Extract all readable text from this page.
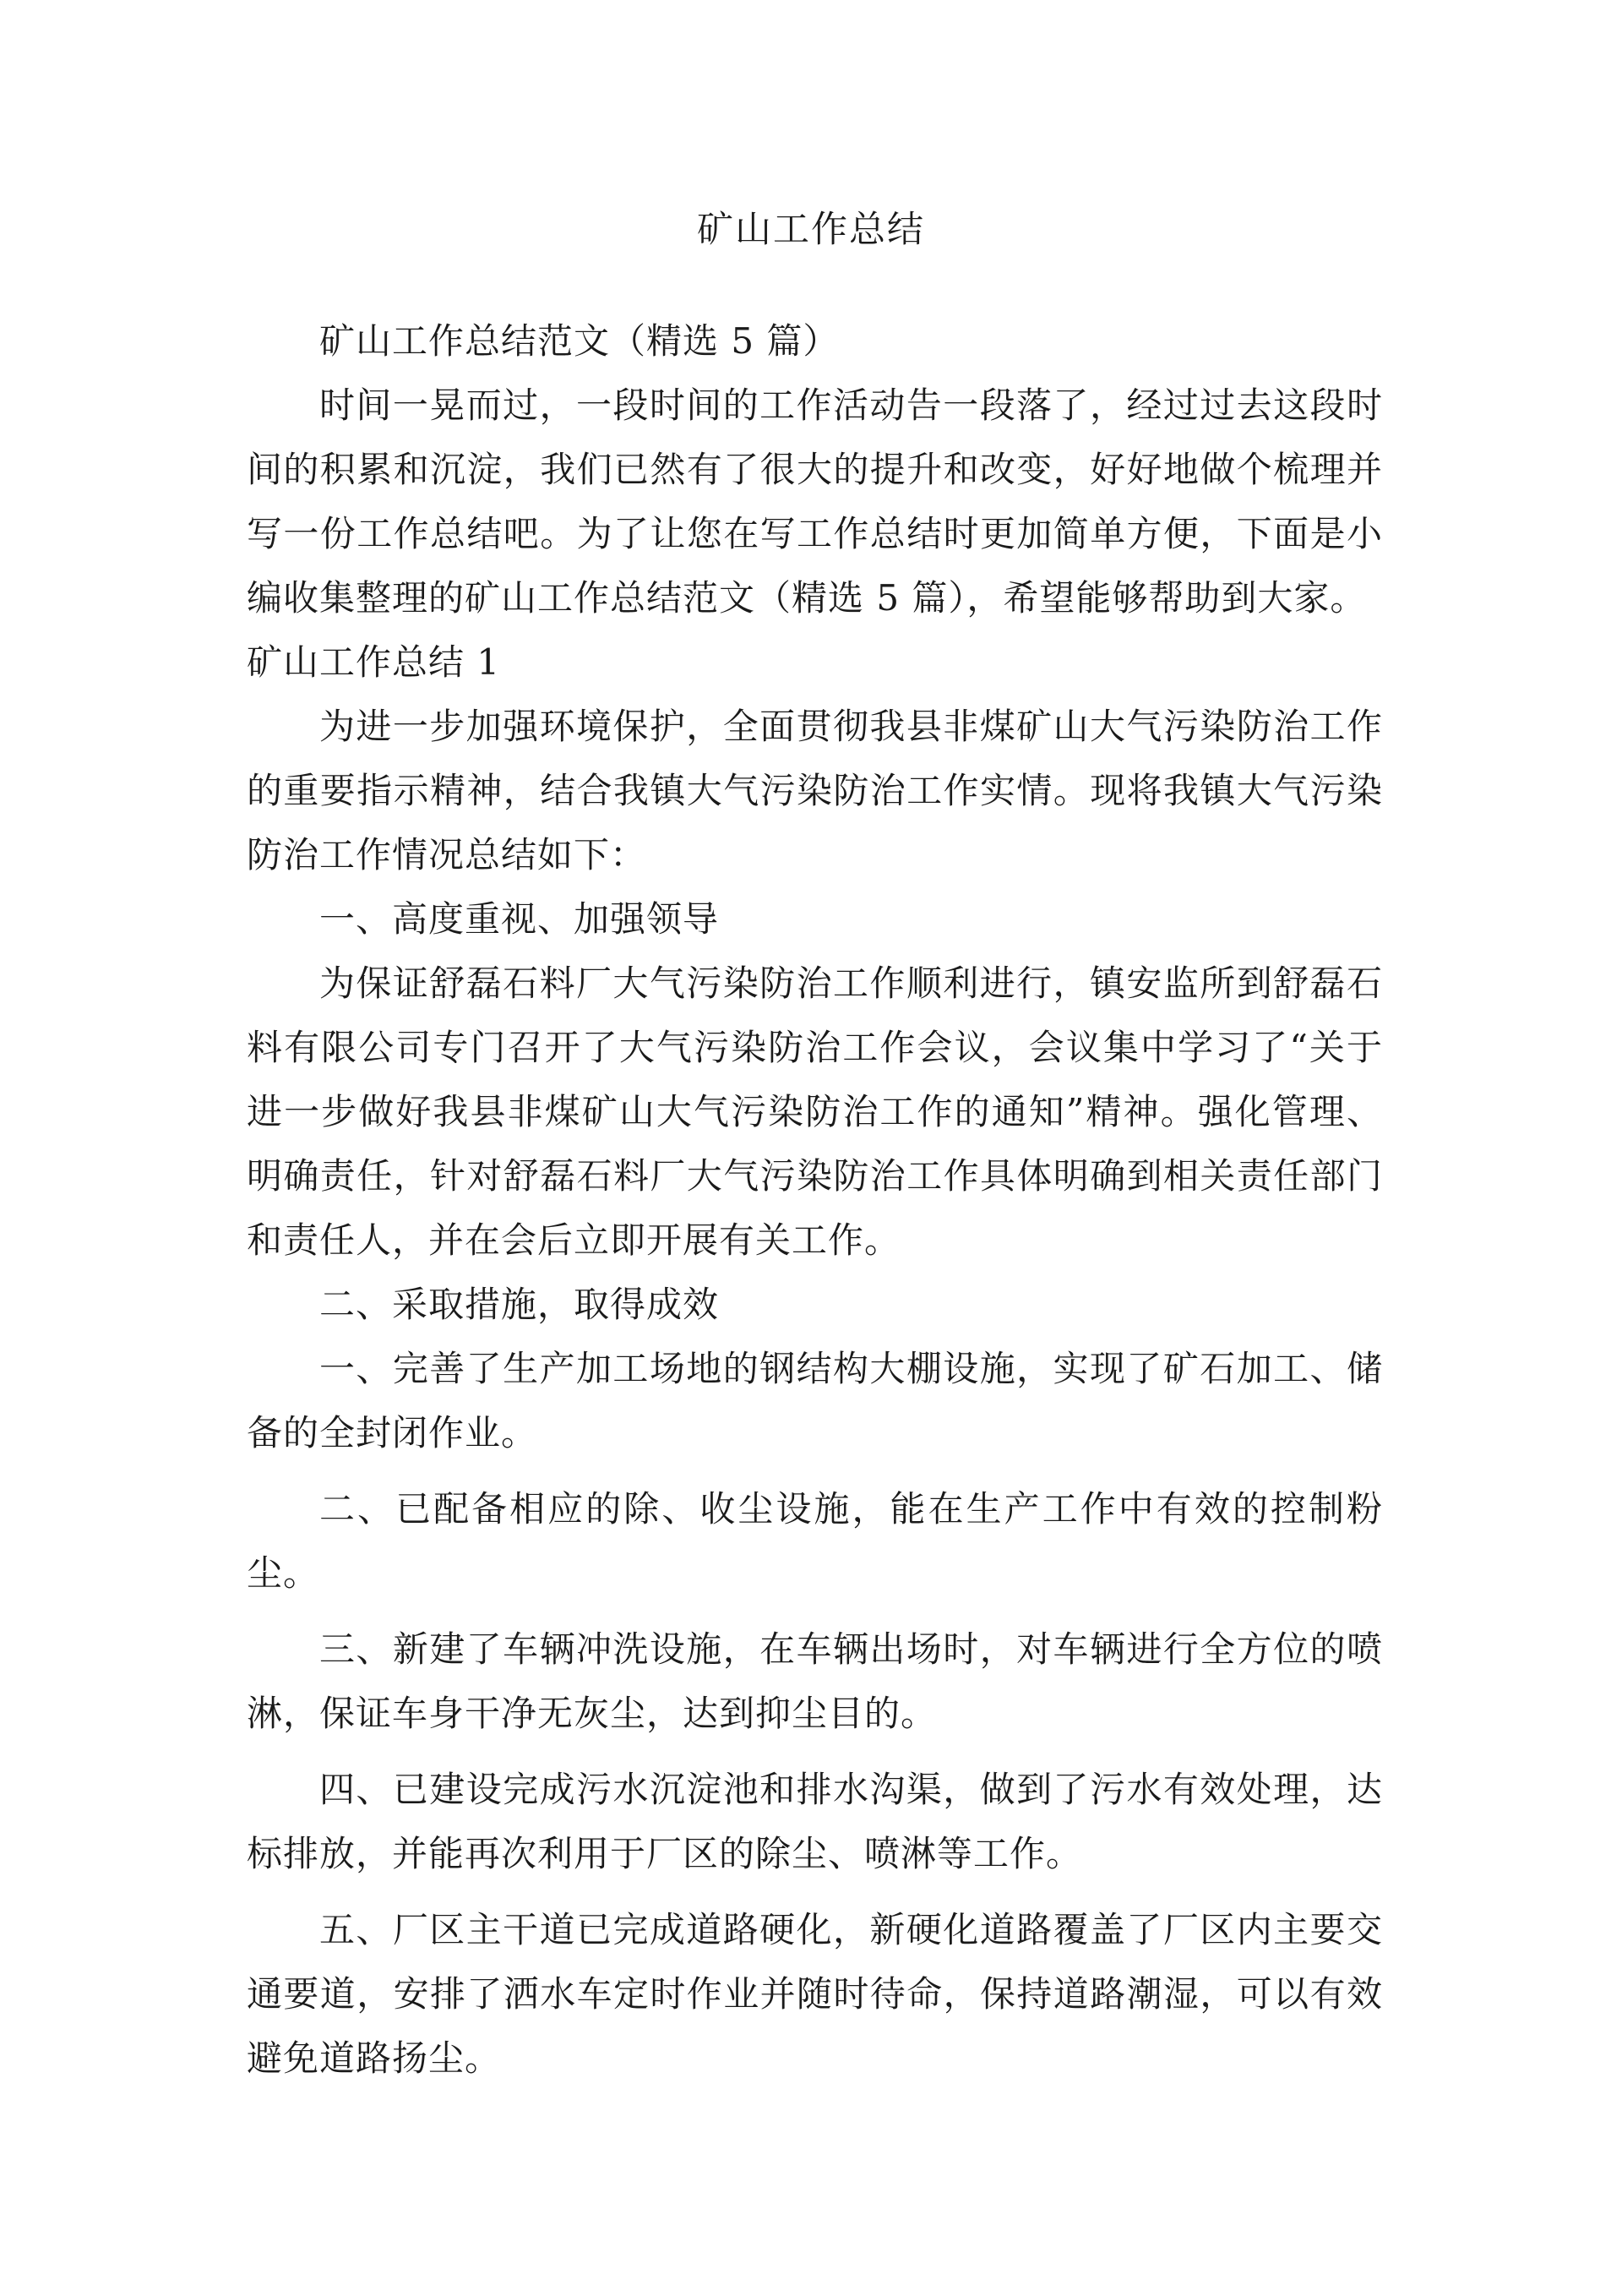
矿山工作总结

矿山工作总结范文（精选 5 篇）

时间一晃而过，一段时间的工作活动告一段落了，经过过去这段时间的积累和沉淀，我们已然有了很大的提升和改变，好好地做个梳理并写一份工作总结吧。为了让您在写工作总结时更加简单方便，下面是小编收集整理的矿山工作总结范文（精选 5 篇），希望能够帮助到大家。

矿山工作总结 1

为进一步加强环境保护，全面贯彻我县非煤矿山大气污染防治工作的重要指示精神，结合我镇大气污染防治工作实情。现将我镇大气污染防治工作情况总结如下：

一、高度重视、加强领导

为保证舒磊石料厂大气污染防治工作顺利进行，镇安监所到舒磊石料有限公司专门召开了大气污染防治工作会议，会议集中学习了“关于进一步做好我县非煤矿山大气污染防治工作的通知”精神。强化管理、明确责任，针对舒磊石料厂大气污染防治工作具体明确到相关责任部门和责任人，并在会后立即开展有关工作。

二、采取措施，取得成效

一、完善了生产加工场地的钢结构大棚设施，实现了矿石加工、储备的全封闭作业。

二、已配备相应的除、收尘设施，能在生产工作中有效的控制粉尘。

三、新建了车辆冲洗设施，在车辆出场时，对车辆进行全方位的喷淋，保证车身干净无灰尘，达到抑尘目的。

四、已建设完成污水沉淀池和排水沟渠，做到了污水有效处理，达标排放，并能再次利用于厂区的除尘、喷淋等工作。

五、厂区主干道已完成道路硬化，新硬化道路覆盖了厂区内主要交通要道，安排了洒水车定时作业并随时待命，保持道路潮湿，可以有效避免道路扬尘。
